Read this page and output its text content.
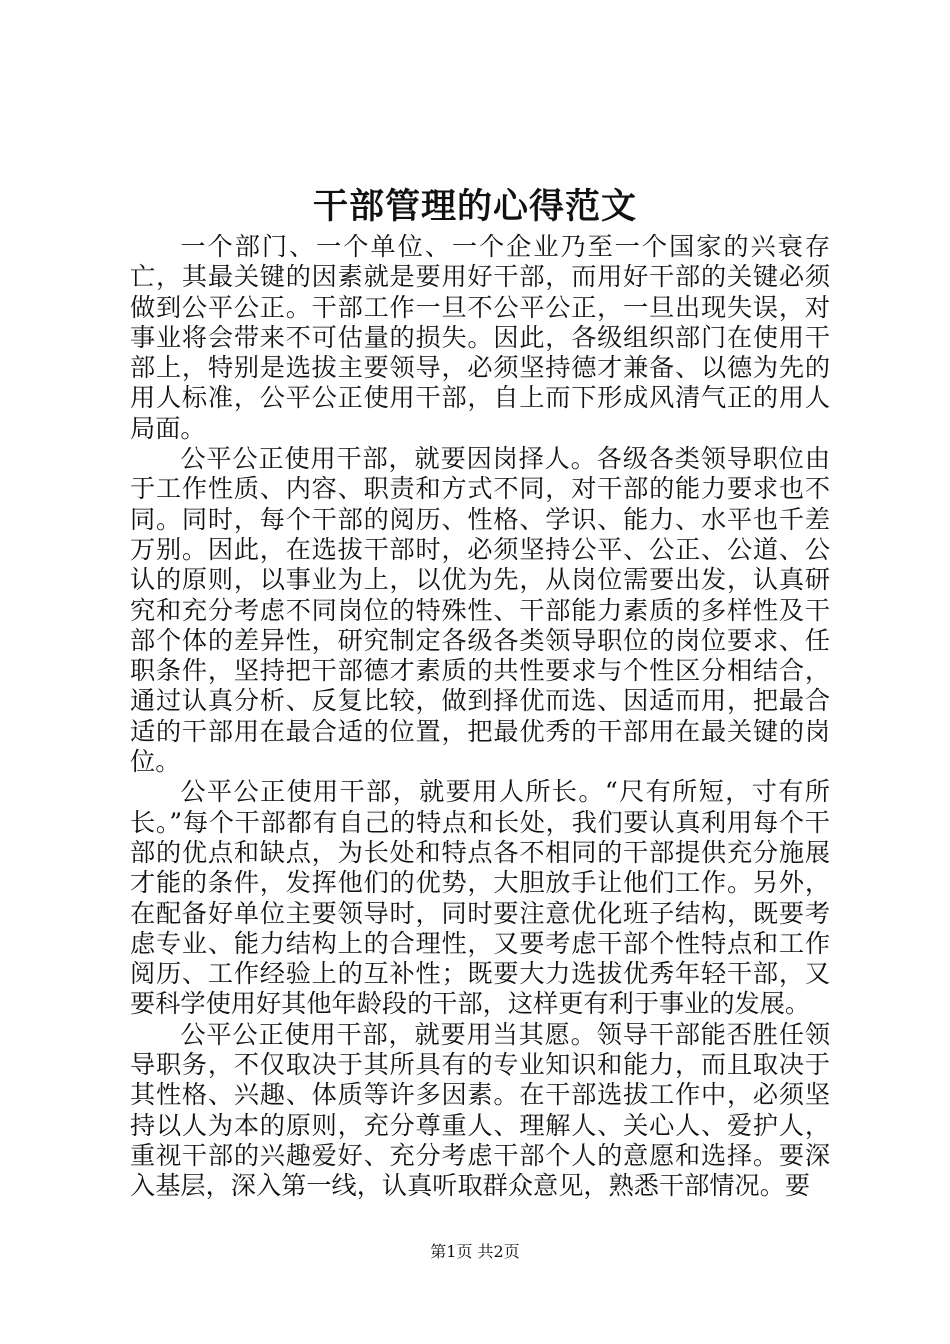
干部管理的心得范文

一个部门、一个单位、一个企业乃至一个国家的兴衰存亡，其最关键的因素就是要用好干部，而用好干部的关键必须做到公平公正。干部工作一旦不公平公正，一旦出现失误，对事业将会带来不可估量的损失。因此，各级组织部门在使用干部上，特别是选拔主要领导，必须坚持德才兼备、以德为先的用人标准，公平公正使用干部，自上而下形成风清气正的用人局面。

公平公正使用干部，就要因岗择人。各级各类领导职位由于工作性质、内容、职责和方式不同，对干部的能力要求也不同。同时，每个干部的阅历、性格、学识、能力、水平也千差万别。因此，在选拔干部时，必须坚持公平、公正、公道、公认的原则，以事业为上，以优为先，从岗位需要出发，认真研究和充分考虑不同岗位的特殊性、干部能力素质的多样性及干部个体的差异性，研究制定各级各类领导职位的岗位要求、任职条件，坚持把干部德才素质的共性要求与个性区分相结合，通过认真分析、反复比较，做到择优而选、因适而用，把最合适的干部用在最合适的位置，把最优秀的干部用在最关键的岗位。

公平公正使用干部，就要用人所长。“尺有所短，寸有所长。”每个干部都有自己的特点和长处，我们要认真利用每个干部的优点和缺点，为长处和特点各不相同的干部提供充分施展才能的条件，发挥他们的优势，大胆放手让他们工作。另外，在配备好单位主要领导时，同时要注意优化班子结构，既要考虑专业、能力结构上的合理性，又要考虑干部个性特点和工作阅历、工作经验上的互补性；既要大力选拔优秀年轻干部，又要科学使用好其他年龄段的干部，这样更有利于事业的发展。

公平公正使用干部，就要用当其愿。领导干部能否胜任领导职务，不仅取决于其所具有的专业知识和能力，而且取决于其性格、兴趣、体质等许多因素。在干部选拔工作中，必须坚持以人为本的原则，充分尊重人、理解人、关心人、爱护人，重视干部的兴趣爱好、充分考虑干部个人的意愿和选择。要深入基层，深入第一线，认真听取群众意见，熟悉干部情况。要

第1页 共2页
